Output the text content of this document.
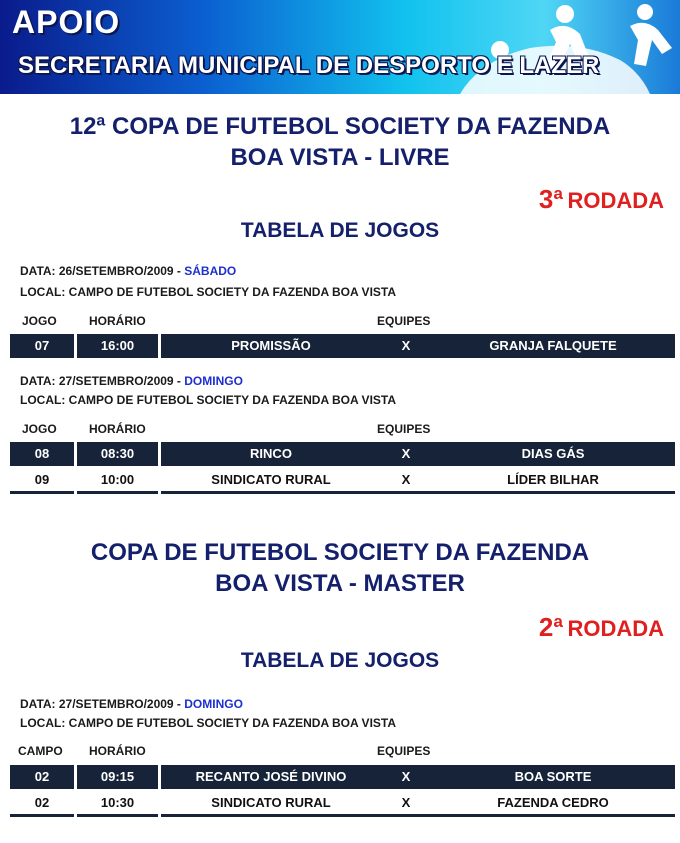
APOIO
SECRETARIA MUNICIPAL DE DESPORTO E LAZER
12ª COPA DE FUTEBOL SOCIETY DA FAZENDA
BOA VISTA - LIVRE
3ª RODADA
TABELA DE JOGOS
DATA: 26/SETEMBRO/2009 - SÁBADO
LOCAL: CAMPO DE FUTEBOL SOCIETY DA FAZENDA BOA VISTA
JOGO	HORÁRIO	EQUIPES
07	16:00	PROMISSÃO	X	GRANJA FALQUETE
DATA: 27/SETEMBRO/2009 - DOMINGO
LOCAL: CAMPO DE FUTEBOL SOCIETY DA FAZENDA BOA VISTA
JOGO	HORÁRIO	EQUIPES
08	08:30	RINCO	X	DIAS GÁS
09	10:00	SINDICATO RURAL	X	LÍDER BILHAR
COPA DE FUTEBOL SOCIETY DA FAZENDA
BOA VISTA - MASTER
2ª RODADA
TABELA DE JOGOS
DATA: 27/SETEMBRO/2009 - DOMINGO
LOCAL: CAMPO DE FUTEBOL SOCIETY DA FAZENDA BOA VISTA
CAMPO HORÁRIO	EQUIPES
02	09:15	RECANTO JOSÉ DIVINO	X	BOA SORTE
02	10:30	SINDICATO RURAL	X	FAZENDA CEDRO
